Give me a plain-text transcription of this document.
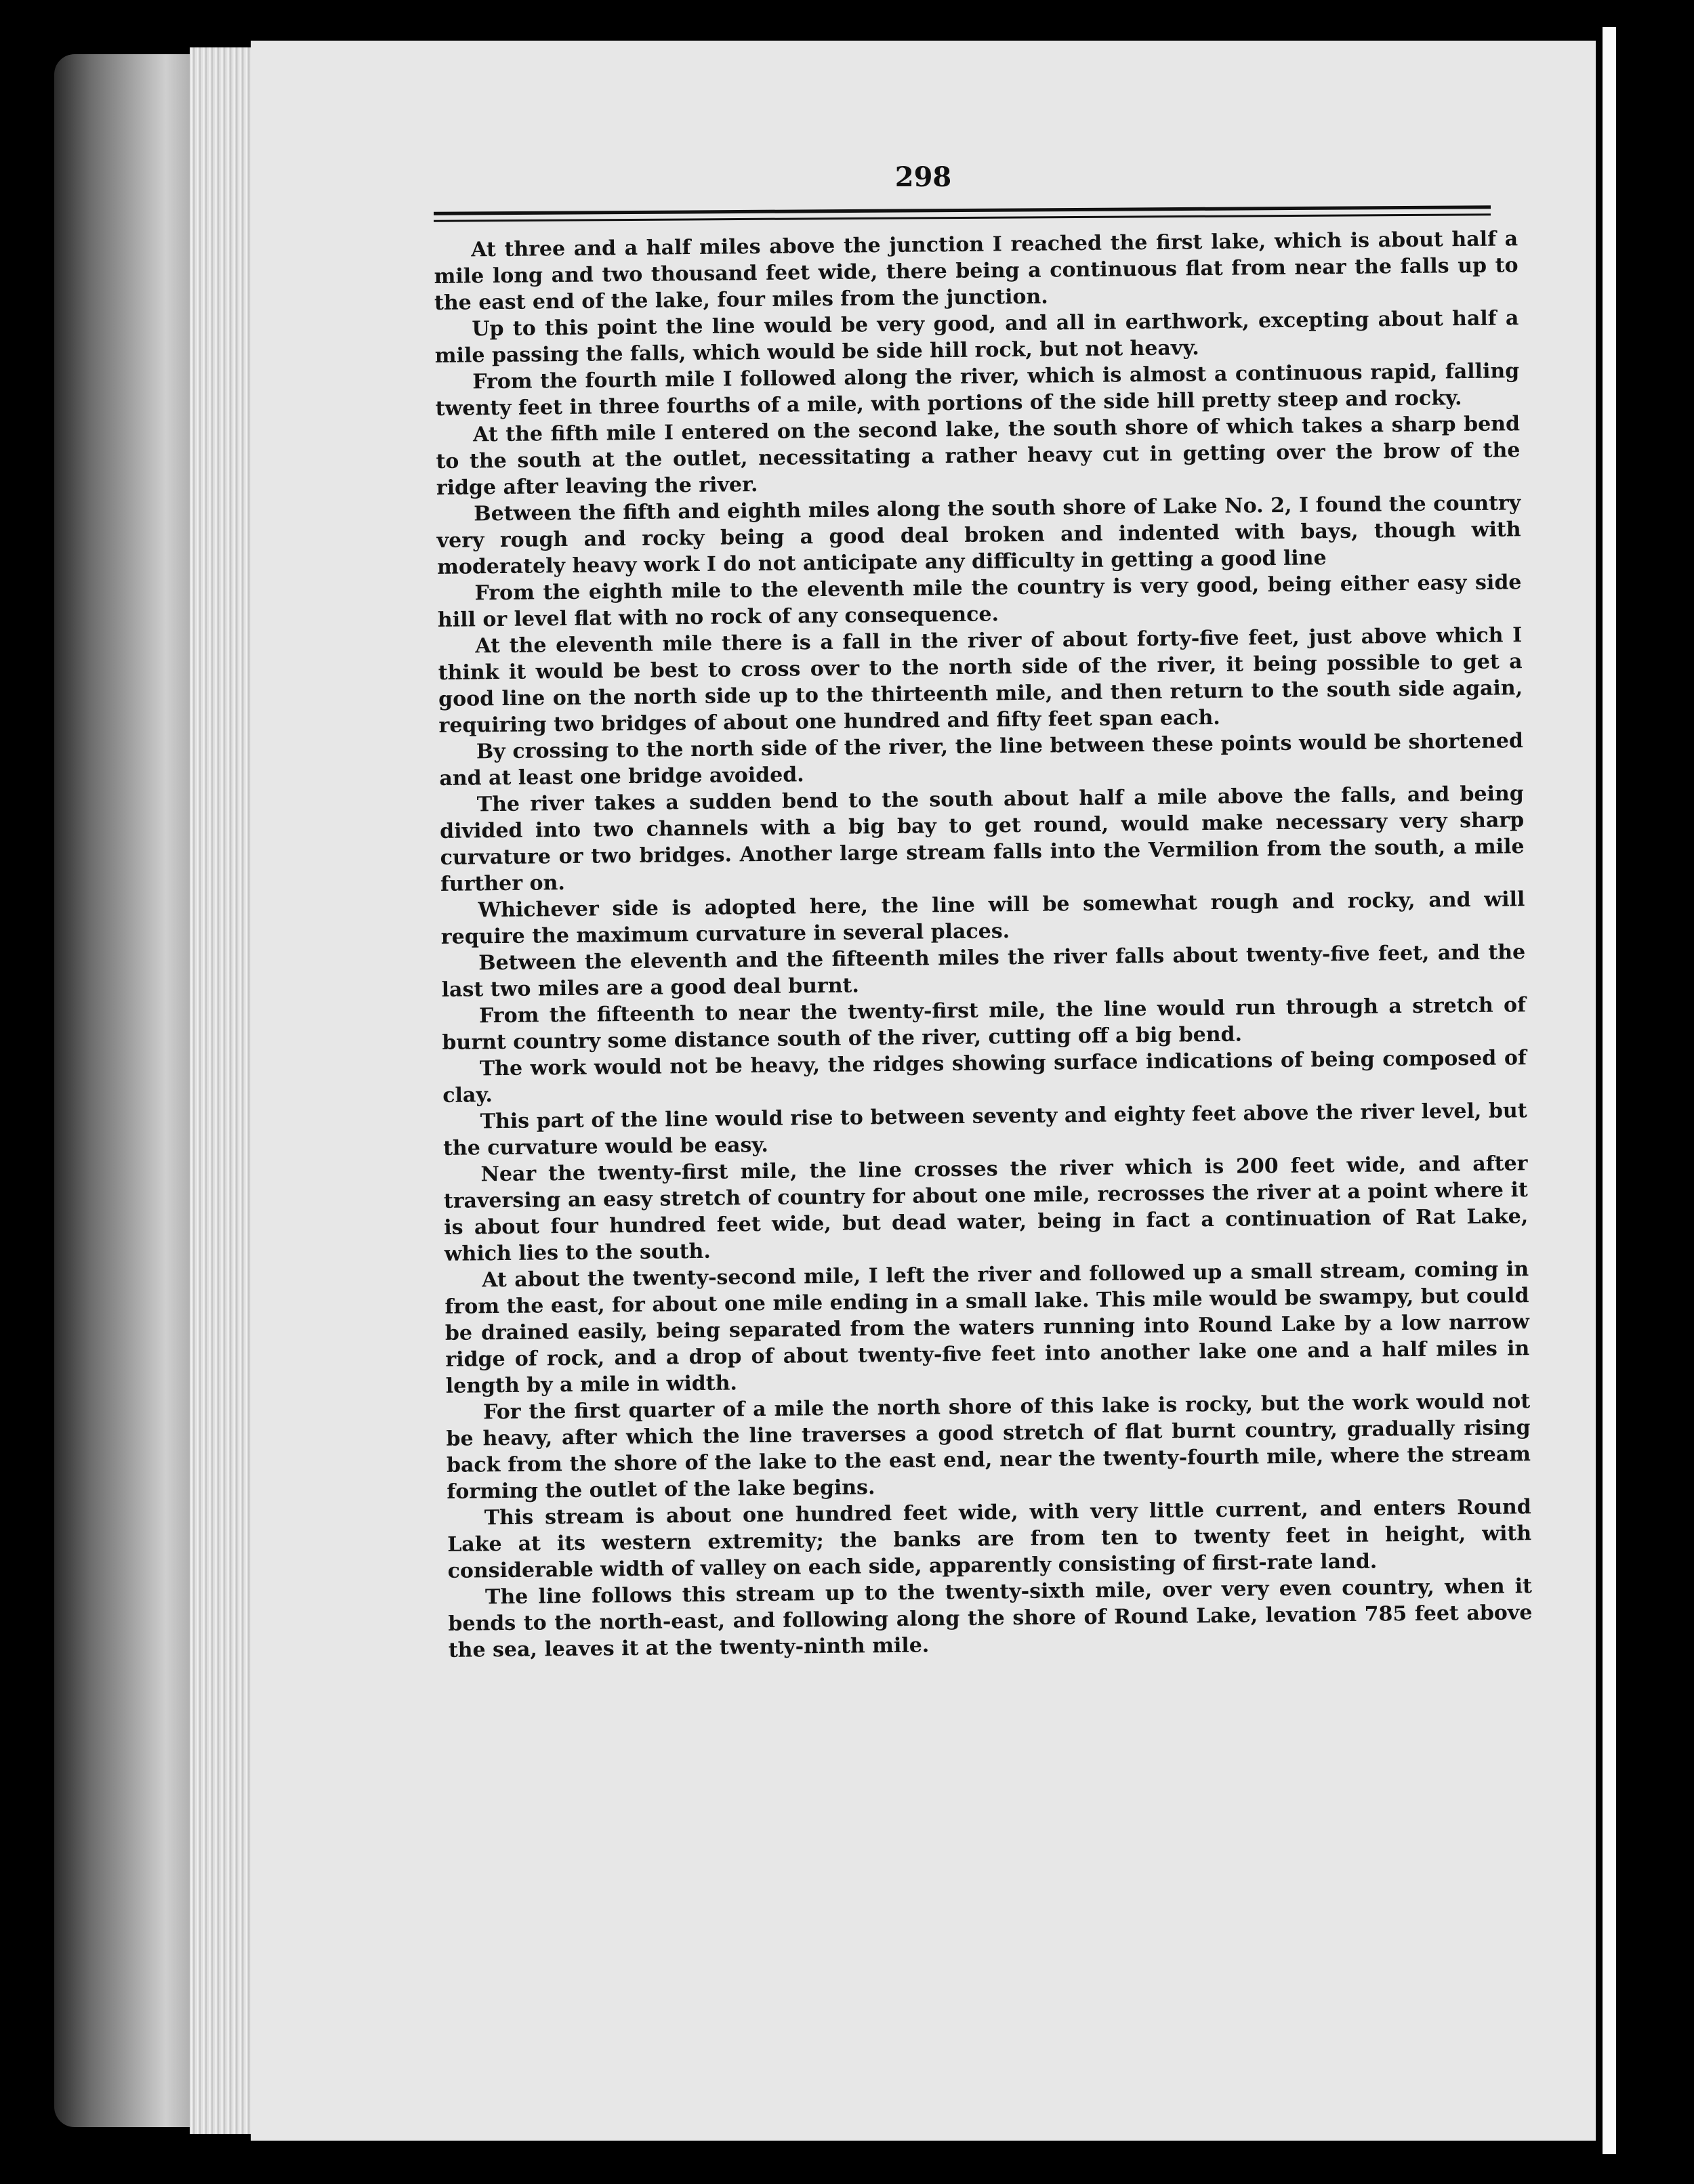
298

At three and a half miles above the junction I reached the first lake, which is about half a mile long and two thousand feet wide, there being a continuous flat from near the falls up to the east end of the lake, four miles from the junction.

Up to this point the line would be very good, and all in earthwork, excepting about half a mile passing the falls, which would be side hill rock, but not heavy.

From the fourth mile I followed along the river, which is almost a continuous rapid, falling twenty feet in three fourths of a mile, with portions of the side hill pretty steep and rocky.

At the fifth mile I entered on the second lake, the south shore of which takes a sharp bend to the south at the outlet, necessitating a rather heavy cut in getting over the brow of the ridge after leaving the river.

Between the fifth and eighth miles along the south shore of Lake No. 2, I found the country very rough and rocky being a good deal broken and indented with bays, though with moderately heavy work I do not anticipate any difficulty in getting a good line

From the eighth mile to the eleventh mile the country is very good, being either easy side hill or level flat with no rock of any consequence.

At the eleventh mile there is a fall in the river of about forty-five feet, just above which I think it would be best to cross over to the north side of the river, it being possible to get a good line on the north side up to the thirteenth mile, and then return to the south side again, requiring two bridges of about one hundred and fifty feet span each.

By crossing to the north side of the river, the line between these points would be shortened and at least one bridge avoided.

The river takes a sudden bend to the south about half a mile above the falls, and being divided into two channels with a big bay to get round, would make necessary very sharp curvature or two bridges. Another large stream falls into the Vermilion from the south, a mile further on.

Whichever side is adopted here, the line will be somewhat rough and rocky, and will require the maximum curvature in several places.

Between the eleventh and the fifteenth miles the river falls about twenty-five feet, and the last two miles are a good deal burnt.

From the fifteenth to near the twenty-first mile, the line would run through a stretch of burnt country some distance south of the river, cutting off a big bend.

The work would not be heavy, the ridges showing surface indications of being composed of clay.

This part of the line would rise to between seventy and eighty feet above the river level, but the curvature would be easy.

Near the twenty-first mile, the line crosses the river which is 200 feet wide, and after traversing an easy stretch of country for about one mile, recrosses the river at a point where it is about four hundred feet wide, but dead water, being in fact a continuation of Rat Lake, which lies to the south.

At about the twenty-second mile, I left the river and followed up a small stream, coming in from the east, for about one mile ending in a small lake. This mile would be swampy, but could be drained easily, being separated from the waters running into Round Lake by a low narrow ridge of rock, and a drop of about twenty-five feet into another lake one and a half miles in length by a mile in width.

For the first quarter of a mile the north shore of this lake is rocky, but the work would not be heavy, after which the line traverses a good stretch of flat burnt country, gradually rising back from the shore of the lake to the east end, near the twenty-fourth mile, where the stream forming the outlet of the lake begins.

This stream is about one hundred feet wide, with very little current, and enters Round Lake at its western extremity; the banks are from ten to twenty feet in height, with considerable width of valley on each side, apparently consisting of first-rate land.

The line follows this stream up to the twenty-sixth mile, over very even country, when it bends to the north-east, and following along the shore of Round Lake, levation 785 feet above the sea, leaves it at the twenty-ninth mile.
